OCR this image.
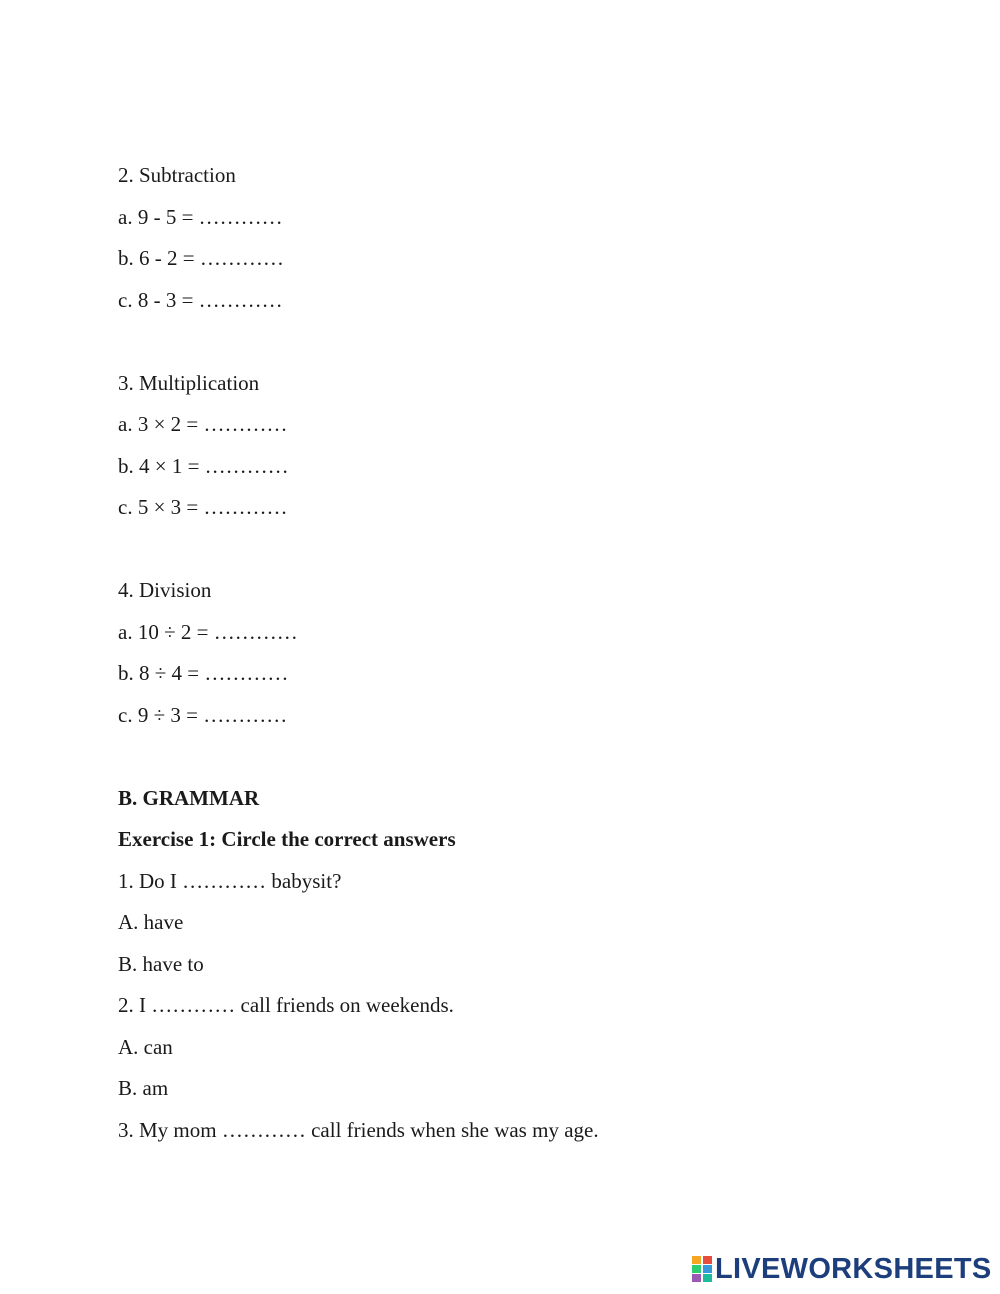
2. Subtraction
a. 9 - 5 = …………
b. 6 - 2 = …………
c. 8 - 3 = …………
3. Multiplication
a. 3 × 2 = …………
b. 4 × 1 = …………
c. 5 × 3 = …………
4. Division
a. 10 ÷ 2 = …………
b. 8 ÷ 4 = …………
c. 9 ÷ 3 = …………
B. GRAMMAR
Exercise 1: Circle the correct answers
1. Do I ………… babysit?
A. have
B. have to
2. I ………… call friends on weekends.
A. can
B. am
3. My mom ………… call friends when she was my age.
LIVEWORKSHEETS
